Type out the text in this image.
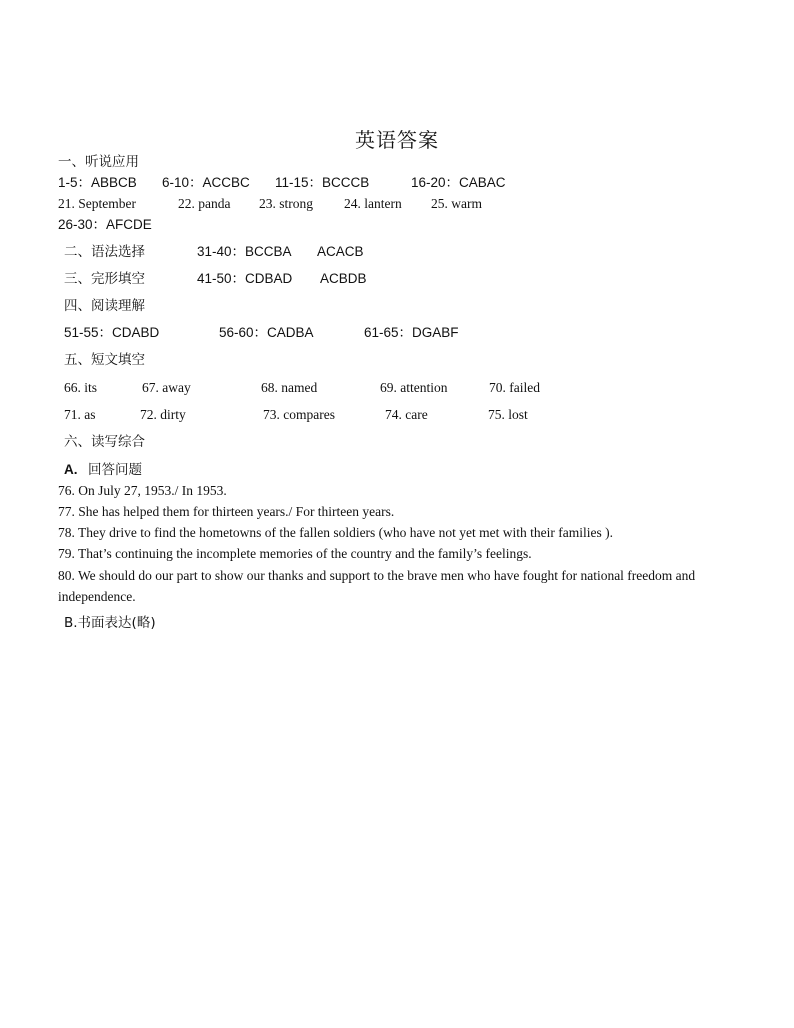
英语答案
一、听说应用
1-5：ABBCB 6-10：ACCBC 11-15：BCCCB	16-20：CABAC
21. September	22. panda 23. strong 24. lantern 25. warm
26-30：AFCDE
二、语法选择	31-40：BCCBA ACACB
三、完形填空	41-50：CDBAD ACBDB
四、阅读理解
51-55：CDABD	56-60：CADBA	61-65：DGABF
五、短文填空
66. its	67. away	68. named	69. attention	70. failed
71. as	72. dirty	73. compares	74. care	75. lost
六、读写综合
A. 回答问题
76. On July 27, 1953./ In 1953.
77. She has helped them for thirteen years./ For thirteen years.
78. They drive to find the hometowns of the fallen soldiers (who have not yet met with their families ).
79. That’s continuing the incomplete memories of the country and the family’s feelings.
80. We should do our part to show our thanks and support to the brave men who have fought for national freedom and independence.
B.书面表达(略)
